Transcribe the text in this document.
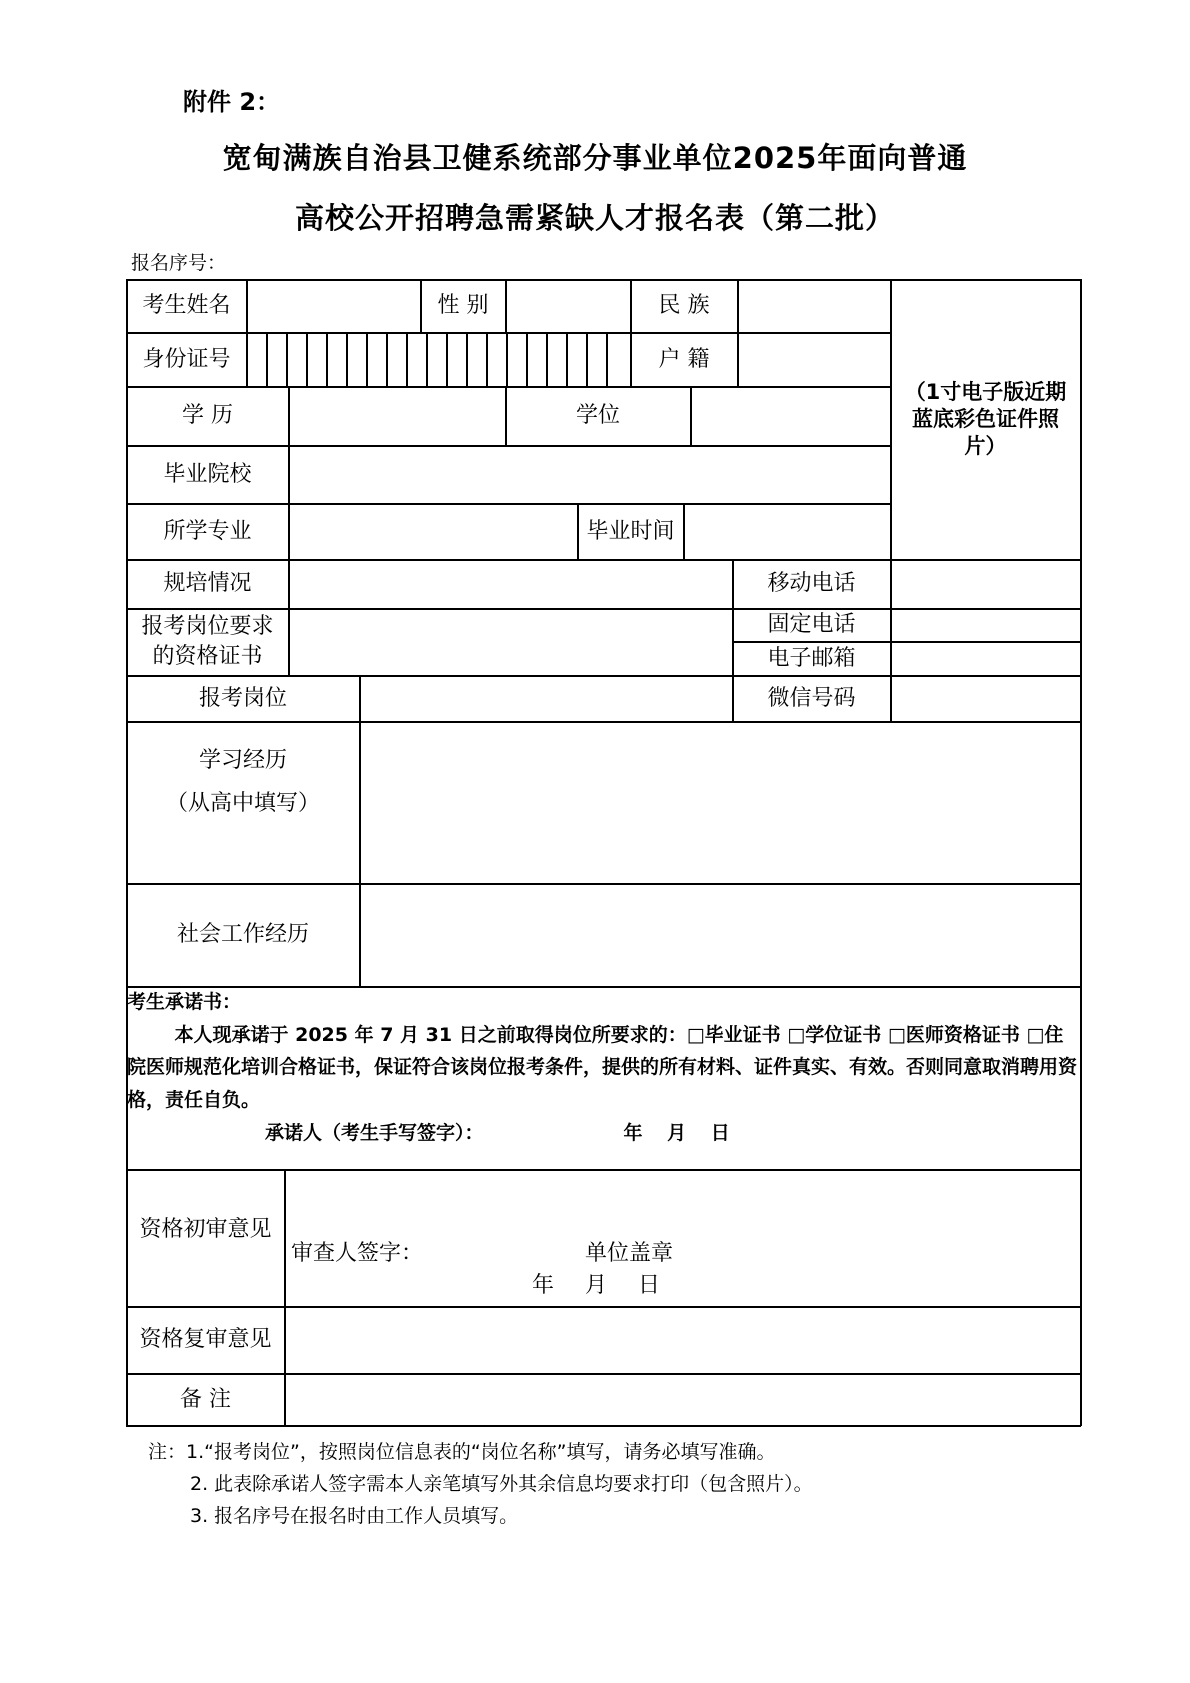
附件 2：
宽甸满族自治县卫健系统部分事业单位2025年面向普通
高校公开招聘急需紧缺人才报名表（第二批）
报名序号：
考生姓名	性 别	民 族
身份证号	户 籍
（1寸电子版近期蓝底彩色证件照片）
学 历	学位
毕业院校
所学专业	毕业时间
规培情况	移动电话
报考岗位要求
的资格证书
固定电话
电子邮箱
报考岗位	微信号码
学习经历
（从高中填写）
社会工作经历
考生承诺书：
本人现承诺于 2025 年 7 月 31 日之前取得岗位所要求的：□毕业证书 □学位证书 □医师资格证书 □住院医师规范化培训合格证书，保证符合该岗位报考条件，提供的所有材料、证件真实、有效。否则同意取消聘用资格，责任自负。
承诺人（考生手写签字）：	年 月 日
资格初审意见
审查人签字：	单位盖章
年 月 日
资格复审意见
备 注
注：1.“报考岗位”，按照岗位信息表的“岗位名称”填写，请务必填写准确。
2. 此表除承诺人签字需本人亲笔填写外其余信息均要求打印（包含照片）。
3. 报名序号在报名时由工作人员填写。
